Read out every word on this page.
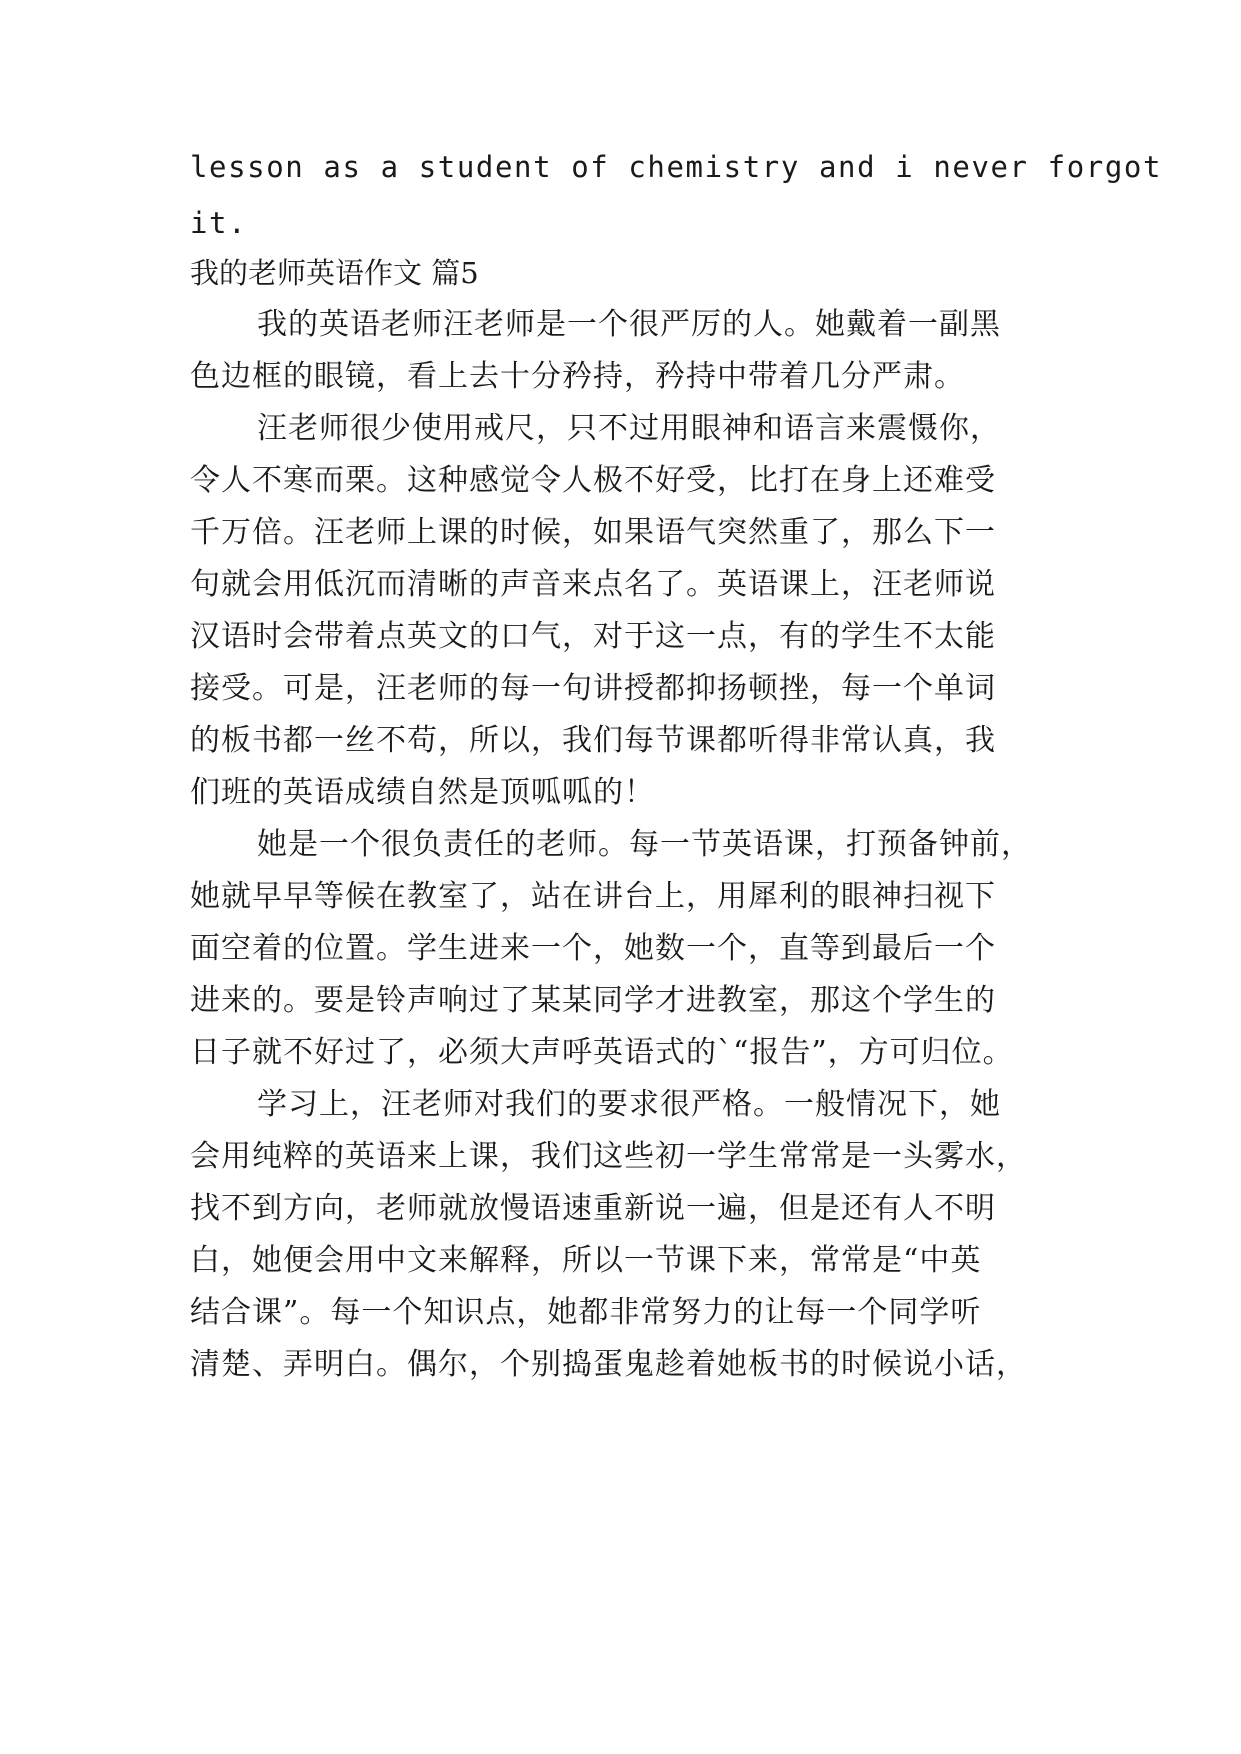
lesson as a student of chemistry and i never forgot
it.
我的老师英语作文 篇5
我的英语老师汪老师是一个很严厉的人。她戴着一副黑
色边框的眼镜，看上去十分矜持，矜持中带着几分严肃。
汪老师很少使用戒尺，只不过用眼神和语言来震慑你，
令人不寒而栗。这种感觉令人极不好受，比打在身上还难受
千万倍。汪老师上课的时候，如果语气突然重了，那么下一
句就会用低沉而清晰的声音来点名了。英语课上，汪老师说
汉语时会带着点英文的口气，对于这一点，有的学生不太能
接受。可是，汪老师的每一句讲授都抑扬顿挫，每一个单词
的板书都一丝不苟，所以，我们每节课都听得非常认真，我
们班的英语成绩自然是顶呱呱的！
她是一个很负责任的老师。每一节英语课，打预备钟前，
她就早早等候在教室了，站在讲台上，用犀利的眼神扫视下
面空着的位置。学生进来一个，她数一个，直等到最后一个
进来的。要是铃声响过了某某同学才进教室，那这个学生的
日子就不好过了，必须大声呼英语式的`“报告”，方可归位。
学习上，汪老师对我们的要求很严格。一般情况下，她
会用纯粹的英语来上课，我们这些初一学生常常是一头雾水，
找不到方向，老师就放慢语速重新说一遍，但是还有人不明
白，她便会用中文来解释，所以一节课下来，常常是“中英
结合课”。每一个知识点，她都非常努力的让每一个同学听
清楚、弄明白。偶尔，个别捣蛋鬼趁着她板书的时候说小话，
